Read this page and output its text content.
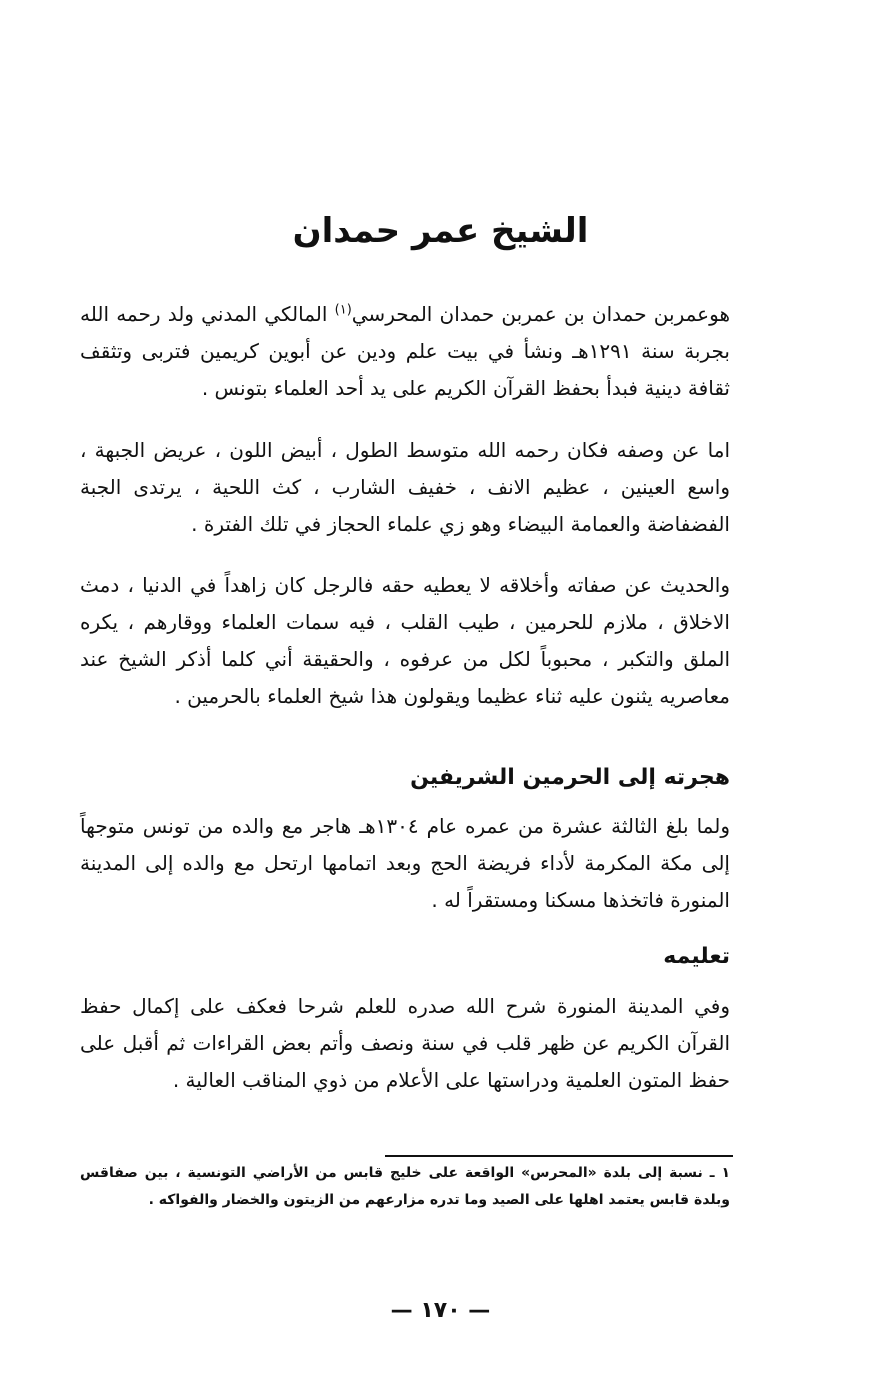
الشيخ عمر حمدان

هوعمربن حمدان بن عمربن حمدان المحرسي$^{(١)}$ المالكي المدني ولد رحمه الله بجربة سنة ١٢٩١هـ ونشأ في بيت علم ودين عن أبوين كريمين فتربى وتثقف ثقافة دينية فبدأ بحفظ القرآن الكريم على يد أحد العلماء بتونس .

اما عن وصفه فكان رحمه الله متوسط الطول ، أبيض اللون ، عريض الجبهة ، واسع العينين ، عظيم الانف ، خفيف الشارب ، كث اللحية ، يرتدى الجبة الفضفاضة والعمامة البيضاء وهو زي علماء الحجاز في تلك الفترة .

والحديث عن صفاته وأخلاقه لا يعطيه حقه فالرجل كان زاهداً في الدنيا ، دمث الاخلاق ، ملازم للحرمين ، طيب القلب ، فيه سمات العلماء ووقارهم ، يكره الملق والتكبر ، محبوباً لكل من عرفوه ، والحقيقة أني كلما أذكر الشيخ عند معاصريه يثنون عليه ثناء عظيما ويقولون هذا شيخ العلماء بالحرمين .

هجرته إلى الحرمين الشريفين

ولما بلغ الثالثة عشرة من عمره عام ١٣٠٤هـ هاجر مع والده من تونس متوجهاً إلى مكة المكرمة لأداء فريضة الحج وبعد اتمامها ارتحل مع والده إلى المدينة المنورة فاتخذها مسكنا ومستقراً له .

تعليمه

وفي المدينة المنورة شرح الله صدره للعلم شرحا فعكف على إكمال حفظ القرآن الكريم عن ظهر قلب في سنة ونصف وأتم بعض القراءات ثم أقبل على حفظ المتون العلمية ودراستها على الأعلام من ذوي المناقب العالية .

١ ـ نسبة إلى بلدة «المحرس» الواقعة على خليج قابس من الأراضي التونسية ، بين صفاقس وبلدة قابس يعتمد اهلها على الصيد وما تدره مزارعهم من الزيتون والخضار والفواكه .

— ١٧٠ —
